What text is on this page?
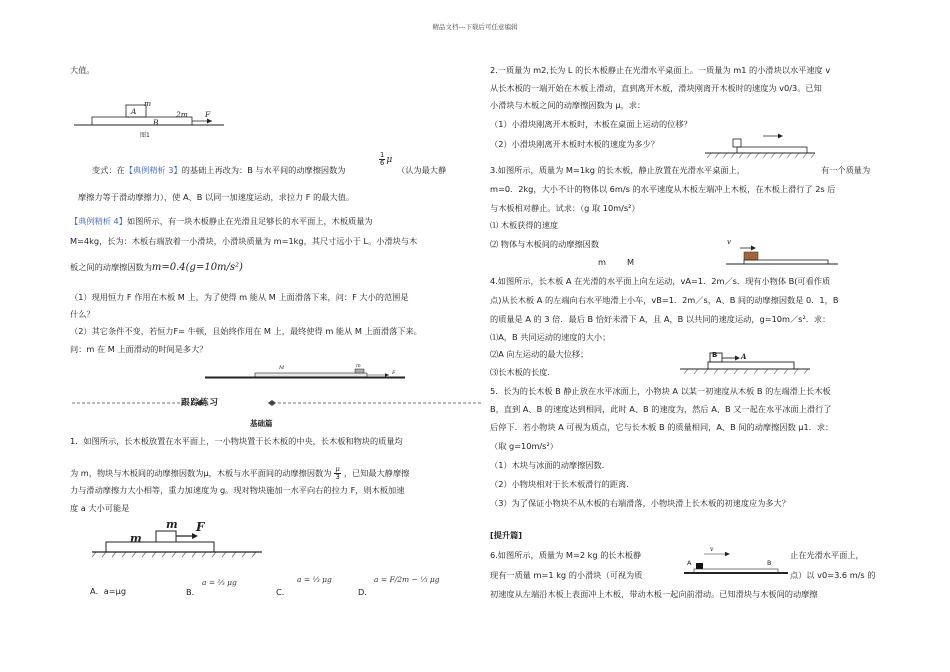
精品文档---下载后可任意编辑
大值。
m
A
B
2m F
图1
变式：在【典例精析 3】的基础上再改为：B 与水平间的动摩擦因数为
$\frac{1}{6}$ μ
（认为最大静
摩擦力等于滑动摩擦力），使 A、B 以同一加速度运动，求拉力 F 的最大值。
【典例精析 4】如图所示，有一块木板静止在光滑且足够长的水平面上，木板质量为
M=4kg，长为：木板右端放着一小滑块，小滑块质量为 m=1kg，其尺寸远小于 L。小滑块与木
板之间的动摩擦因数为m=0.4(g=10m/s²)
（1）现用恒力 F 作用在木板 M 上，为了使得 m 能从 M 上面滑落下来，问：F 大小的范围是
什么？
（2）其它条件不变，若恒力F= 牛顿，且始终作用在 M 上，最终使得 m 能从 M 上面滑落下来。
问：m 在 M 上面滑动的时间是多大？
M	m
F
跟踪练习
基础篇
1．如图所示，长木板放置在水平面上，一小物块置于长木板的中央，长木板和物块的质量均
为 m，物块与木板间的动摩擦因数为μ，木板与水平面间的动摩擦因数为 $\frac{\mu}{3}$ ，已知最大静摩擦
力与滑动摩擦力大小相等，重力加速度为 g。现对物块施加一水平向右的拉力 F，则木板加速
度 a 大小可能是
m
m
F
A．a=μg	B．
a = ⅔ μg
C．
a = ⅓ μg
D．
a = F/2m − ⅓ μg
2.一质量为 m2,长为 L 的长木板静止在光滑水平桌面上。一质量为 m1 的小滑块以水平速度 v
从长木板的一端开始在木板上滑动，直到离开木板，滑块刚离开木板时的速度为 v0/3。已知
小滑块与木板之间的动摩擦因数为 μ，求：
（1）小滑块刚离开木板时，木板在桌面上运动的位移？
（2）小滑块刚离开木板时木板的速度为多少？
3.如图所示，质量为 M=1kg 的长木板，静止放置在光滑水平桌面上，	有一个质量为
m=0．2kg，大小不计的物体以 6m/s 的水平速度从木板左端冲上木板，在木板上滑行了 2s 后
与木板相对静止。试求：（g 取 10m/s²）
⑴ 木板获得的速度
⑵ 物体与木板间的动摩擦因数
m	M
v
4.如图所示，长木板 A 在光滑的水平面上向左运动，vA=1．2m／s．现有小物体 B(可看作质
点)从长木板 A 的左端向右水平地滑上小车，vB=1．2m／s，A、B 间的动摩擦因数是 0．1，B
的质量是 A 的 3 倍．最后 B 恰好未滑下 A，且 A，B 以共同的速度运动，g=10m／s²．求：
⑴A，B 共同运动的速度的大小；
⑵A 向左运动的最大位移；
⑶长木板的长度.
B	A
5．长为的长木板 B 静止放在水平冰面上，小物块 A 以某一初速度从木板 B 的左端滑上长木板
B，直到 A、B 的速度达到相同，此时 A、B 的速度为，然后 A、B 又一起在水平冰面上滑行了
后停下．若小物块 A 可视为质点，它与长木板 B 的质量相同，A、B 间的动摩擦因数 μ1．求：
（取 g=10m/s²）
（1）木块与冰面的动摩擦因数.
（2）小物块相对于长木板滑行的距离.
（3）为了保证小物块不从木板的右端滑落，小物块滑上长木板的初速度应为多大？
[提升篇]
6.如图所示，质量为 M=2 kg 的长木板静	止在光滑水平面上，
现有一质量 m=1 kg 的小滑块（可视为质	点）以 v0=3.6 m/s 的
初速度从左端沿木板上表面冲上木板，带动木板一起向前滑动。已知滑块与木板间的动摩擦
v
A	B
